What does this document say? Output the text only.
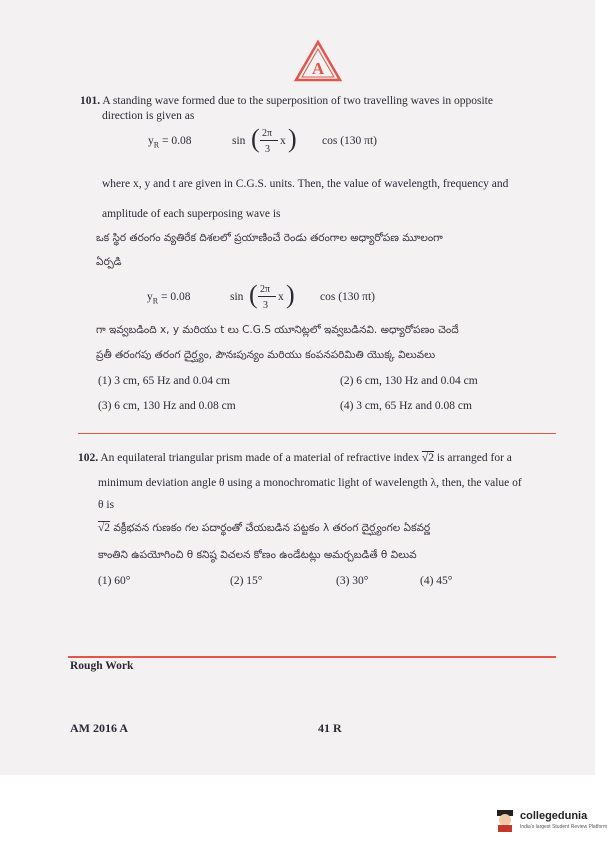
A
101. A standing wave formed due to the superposition of two travelling waves in opposite
direction is given as
$y_R = 0.08$	sin ( 2π
3
x ) cos (130 πt)
where x, y and t are given in C.G.S. units. Then, the value of wavelength, frequency and
amplitude of each superposing wave is
ఒక స్థిర తరంగం వ్యతిరేక దిశలలో ప్రయాణించే రెండు తరంగాల అధ్యారోపణ మూలంగా
ఏర్పడి
$y_R = 0.08$	sin ( 2π
3
x ) cos (130 πt)
గా ఇవ్వబడింది x, y మరియు t లు C.G.S యూనిట్లలో ఇవ్వబడినవి. అధ్యారోపణం చెందే
ప్రతీ తరంగపు తరంగ దైర్ఘ్యం, పౌనఃపున్యం మరియు కంపనపరిమితి యొక్క విలువలు
(1) 3 cm, 65 Hz and 0.04 cm	(2) 6 cm, 130 Hz and 0.04 cm
(3) 6 cm, 130 Hz and 0.08 cm	(4) 3 cm, 65 Hz and 0.08 cm
102. An equilateral triangular prism made of a material of refractive index √2 is arranged for a
minimum deviation angle θ using a monochromatic light of wavelength λ, then, the value of
θ is
√2 వక్రీభవన గుణకం గల పదార్థంతో చేయబడిన పట్టకం λ తరంగ దైర్ఘ్యంగల ఏకవర్ణ
కాంతిని ఉపయోగించి θ కనిష్ఠ విచలన కోణం ఉండేటట్లు అమర్చబడితే θ విలువ
(1) 60°	(2) 15°	(3) 30°	(4) 45°
Rough Work
AM 2016 A	41 R
collegedunia
India's largest Student Review Platform
